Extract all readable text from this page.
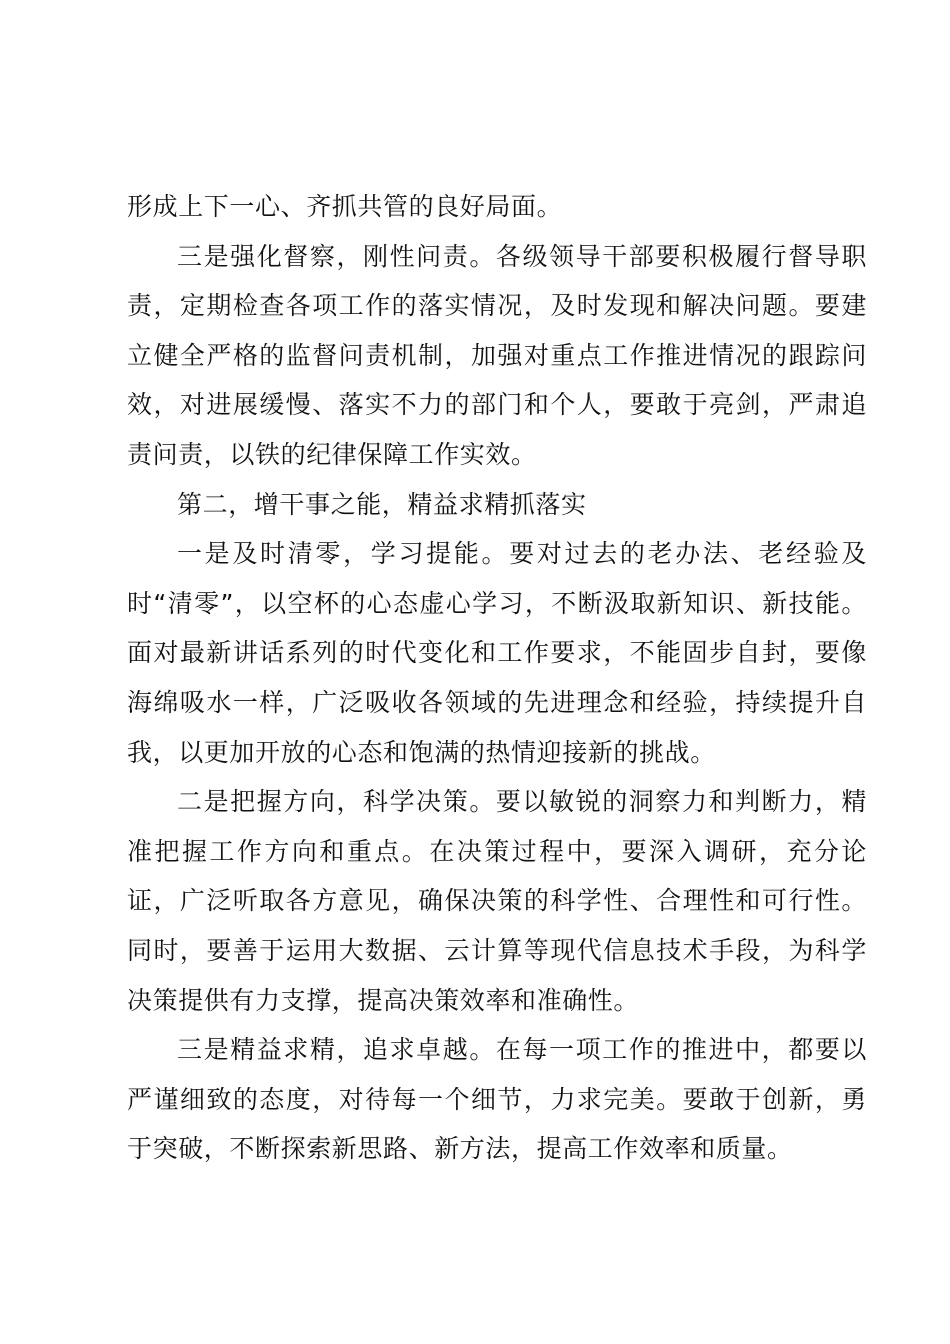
形成上下一心、齐抓共管的良好局面。

三是强化督察，刚性问责。各级领导干部要积极履行督导职责，定期检查各项工作的落实情况，及时发现和解决问题。要建立健全严格的监督问责机制，加强对重点工作推进情况的跟踪问效，对进展缓慢、落实不力的部门和个人，要敢于亮剑，严肃追责问责，以铁的纪律保障工作实效。

第二，增干事之能，精益求精抓落实

一是及时清零，学习提能。要对过去的老办法、老经验及时“清零”，以空杯的心态虚心学习，不断汲取新知识、新技能。面对最新讲话系列的时代变化和工作要求，不能固步自封，要像海绵吸水一样，广泛吸收各领域的先进理念和经验，持续提升自我，以更加开放的心态和饱满的热情迎接新的挑战。

二是把握方向，科学决策。要以敏锐的洞察力和判断力，精准把握工作方向和重点。在决策过程中，要深入调研，充分论证，广泛听取各方意见，确保决策的科学性、合理性和可行性。同时，要善于运用大数据、云计算等现代信息技术手段，为科学决策提供有力支撑，提高决策效率和准确性。

三是精益求精，追求卓越。在每一项工作的推进中，都要以严谨细致的态度，对待每一个细节，力求完美。要敢于创新，勇于突破，不断探索新思路、新方法，提高工作效率和质量。
